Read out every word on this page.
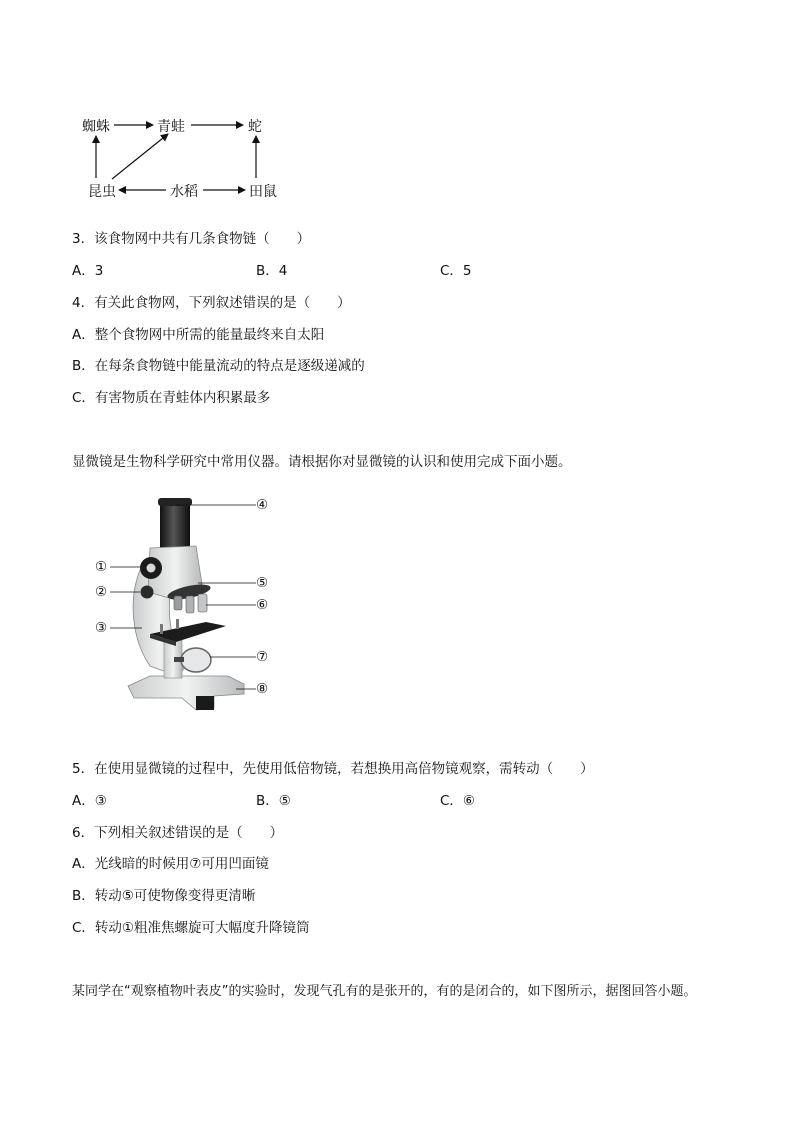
蜘蛛	青蛙	蛇
昆虫	水稻	田鼠
3．该食物网中共有几条食物链（　　）
A．3	B．4	C．5
4．有关此食物网，下列叙述错误的是（　　）
A．整个食物网中所需的能量最终来自太阳
B．在每条食物链中能量流动的特点是逐级递减的
C．有害物质在青蛙体内积累最多
显微镜是生物科学研究中常用仪器。请根据你对显微镜的认识和使用完成下面小题。
①
②
③
④
⑤
⑥
⑦
⑧
5．在使用显微镜的过程中，先使用低倍物镜，若想换用高倍物镜观察，需转动（　　）
A．③	B．⑤	C．⑥
6．下列相关叙述错误的是（　　）
A．光线暗的时候用⑦可用凹面镜
B．转动⑤可使物像变得更清晰
C．转动①粗准焦螺旋可大幅度升降镜筒
某同学在“观察植物叶表皮”的实验时，发现气孔有的是张开的，有的是闭合的，如下图所示，据图回答小题。
